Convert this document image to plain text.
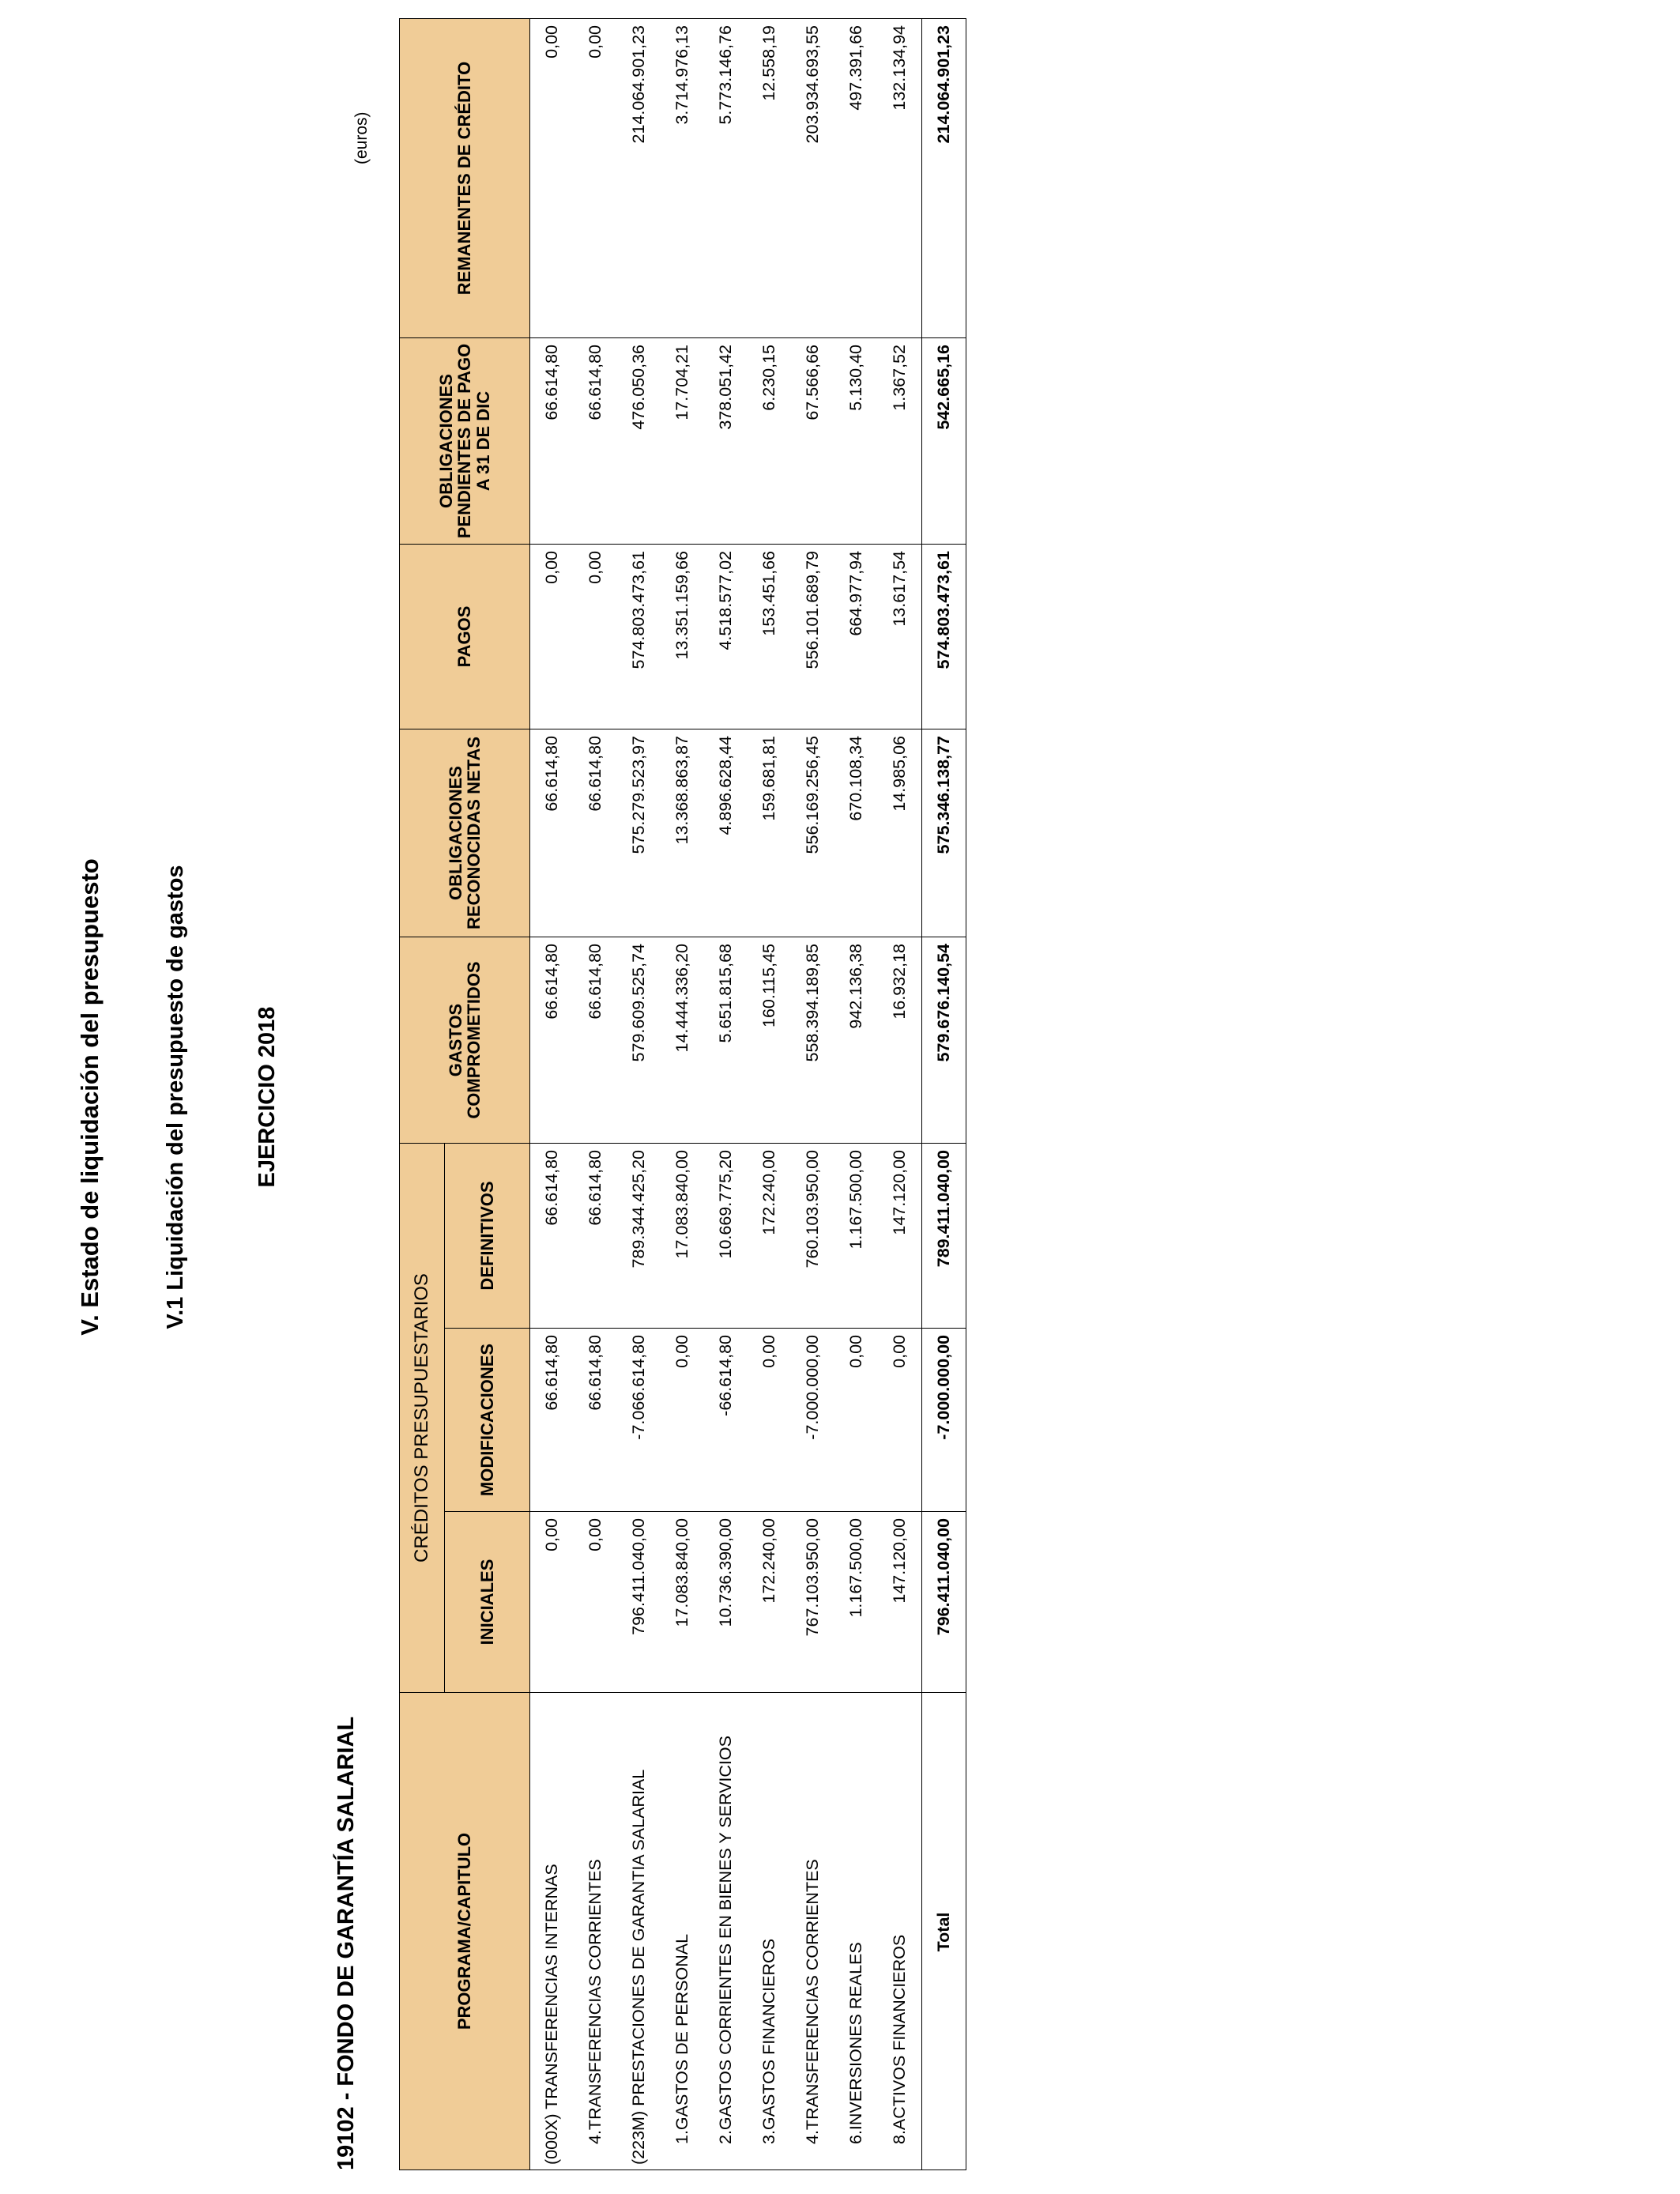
V. Estado de liquidación del presupuesto	V.1 Liquidación del presupuesto de gastos	EJERCICIO 2018
19102 - FONDO DE GARANTÍA SALARIAL
(euros)
PROGRAMA/CAPITULO	CRÉDITOS PRESUPUESTARIOS			GASTOS COMPROMETIDOS	OBLIGACIONES RECONOCIDAS NETAS	PAGOS	OBLIGACIONES PENDIENTES DE PAGO A 31 DE DIC	REMANENTES DE CRÉDITO
	INICIALES	MODIFICACIONES	DEFINITIVOS					
(000X) TRANSFERENCIAS INTERNAS	0,00	66.614,80	66.614,80	66.614,80	66.614,80	0,00	66.614,80	0,00
4.TRANSFERENCIAS CORRIENTES	0,00	66.614,80	66.614,80	66.614,80	66.614,80	0,00	66.614,80	0,00
(223M) PRESTACIONES DE GARANTIA SALARIAL	796.411.040,00	-7.066.614,80	789.344.425,20	579.609.525,74	575.279.523,97	574.803.473,61	476.050,36	214.064.901,23
1.GASTOS DE PERSONAL	17.083.840,00	0,00	17.083.840,00	14.444.336,20	13.368.863,87	13.351.159,66	17.704,21	3.714.976,13
2.GASTOS CORRIENTES EN BIENES Y SERVICIOS	10.736.390,00	-66.614,80	10.669.775,20	5.651.815,68	4.896.628,44	4.518.577,02	378.051,42	5.773.146,76
3.GASTOS FINANCIEROS	172.240,00	0,00	172.240,00	160.115,45	159.681,81	153.451,66	6.230,15	12.558,19
4.TRANSFERENCIAS CORRIENTES	767.103.950,00	-7.000.000,00	760.103.950,00	558.394.189,85	556.169.256,45	556.101.689,79	67.566,66	203.934.693,55
6.INVERSIONES REALES	1.167.500,00	0,00	1.167.500,00	942.136,38	670.108,34	664.977,94	5.130,40	497.391,66
8.ACTIVOS FINANCIEROS	147.120,00	0,00	147.120,00	16.932,18	14.985,06	13.617,54	1.367,52	132.134,94
Total	796.411.040,00	-7.000.000,00	789.411.040,00	579.676.140,54	575.346.138,77	574.803.473,61	542.665,16	214.064.901,23
